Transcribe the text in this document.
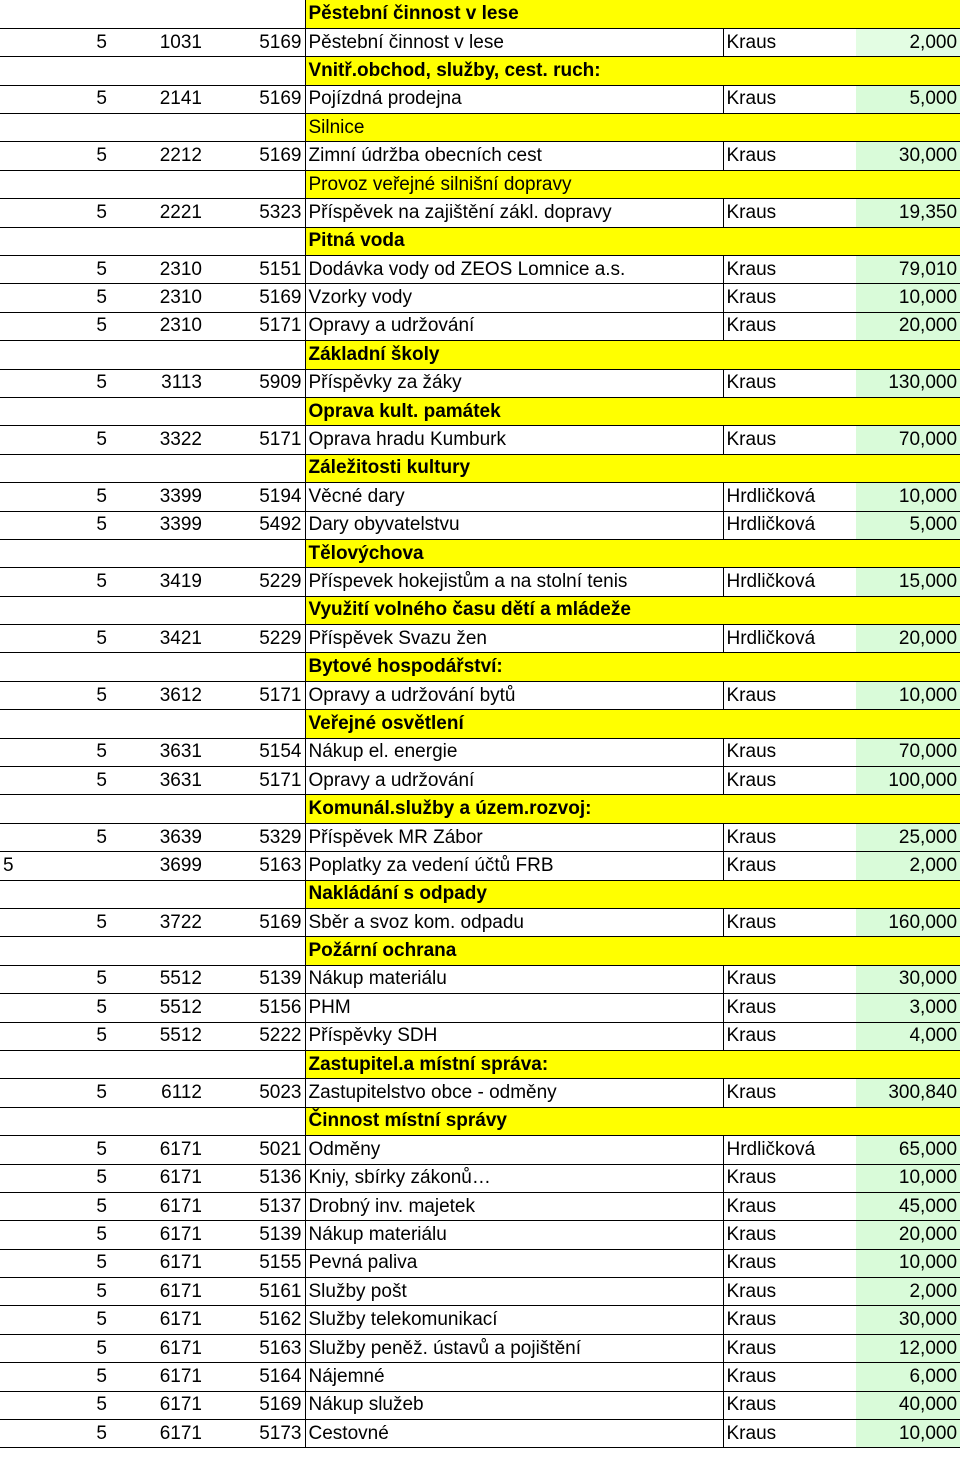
			Pěstební činnost v lese		
5	1031	5169	Pěstební činnost v lese	Kraus	2,000
			Vnitř.obchod, služby, cest. ruch:		
5	2141	5169	Pojízdná prodejna	Kraus	5,000
			Silnice		
5	2212	5169	Zimní údržba obecních cest	Kraus	30,000
			Provoz veřejné silnišní dopravy		
5	2221	5323	Příspěvek na zajištění zákl. dopravy	Kraus	19,350
			Pitná voda		
5	2310	5151	Dodávka vody od ZEOS Lomnice a.s.	Kraus	79,010
5	2310	5169	Vzorky vody	Kraus	10,000
5	2310	5171	Opravy a udržování	Kraus	20,000
			Základní školy		
5	3113	5909	Příspěvky za žáky	Kraus	130,000
			Oprava kult. památek		
5	3322	5171	Oprava hradu Kumburk	Kraus	70,000
			Záležitosti kultury		
5	3399	5194	Věcné dary	Hrdličková	10,000
5	3399	5492	Dary obyvatelstvu	Hrdličková	5,000
			Tělovýchova		
5	3419	5229	Příspevek hokejistům a na stolní tenis	Hrdličková	15,000
			Využití volného času dětí a mládeže		
5	3421	5229	Příspěvek Svazu žen	Hrdličková	20,000
			Bytové hospodářství:		
5	3612	5171	Opravy a udržování bytů	Kraus	10,000
			Veřejné osvětlení		
5	3631	5154	Nákup el. energie	Kraus	70,000
5	3631	5171	Opravy a udržování	Kraus	100,000
			Komunál.služby a územ.rozvoj:		
5	3639	5329	Příspěvek MR Zábor	Kraus	25,000
5	3699	5163	Poplatky za vedení účtů FRB	Kraus	2,000
			Nakládání s odpady		
5	3722	5169	Sběr a svoz kom. odpadu	Kraus	160,000
			Požární ochrana		
5	5512	5139	Nákup materiálu	Kraus	30,000
5	5512	5156	PHM	Kraus	3,000
5	5512	5222	Příspěvky SDH	Kraus	4,000
			Zastupitel.a místní správa:		
5	6112	5023	Zastupitelstvo obce - odměny	Kraus	300,840
			Činnost místní správy		
5	6171	5021	Odměny	Hrdličková	65,000
5	6171	5136	Kniy, sbírky zákonů…	Kraus	10,000
5	6171	5137	Drobný inv. majetek	Kraus	45,000
5	6171	5139	Nákup materiálu	Kraus	20,000
5	6171	5155	Pevná paliva	Kraus	10,000
5	6171	5161	Služby pošt	Kraus	2,000
5	6171	5162	Služby telekomunikací	Kraus	30,000
5	6171	5163	Služby peněž. ústavů a pojištění	Kraus	12,000
5	6171	5164	Nájemné	Kraus	6,000
5	6171	5169	Nákup služeb	Kraus	40,000
5	6171	5173	Cestovné	Kraus	10,000
